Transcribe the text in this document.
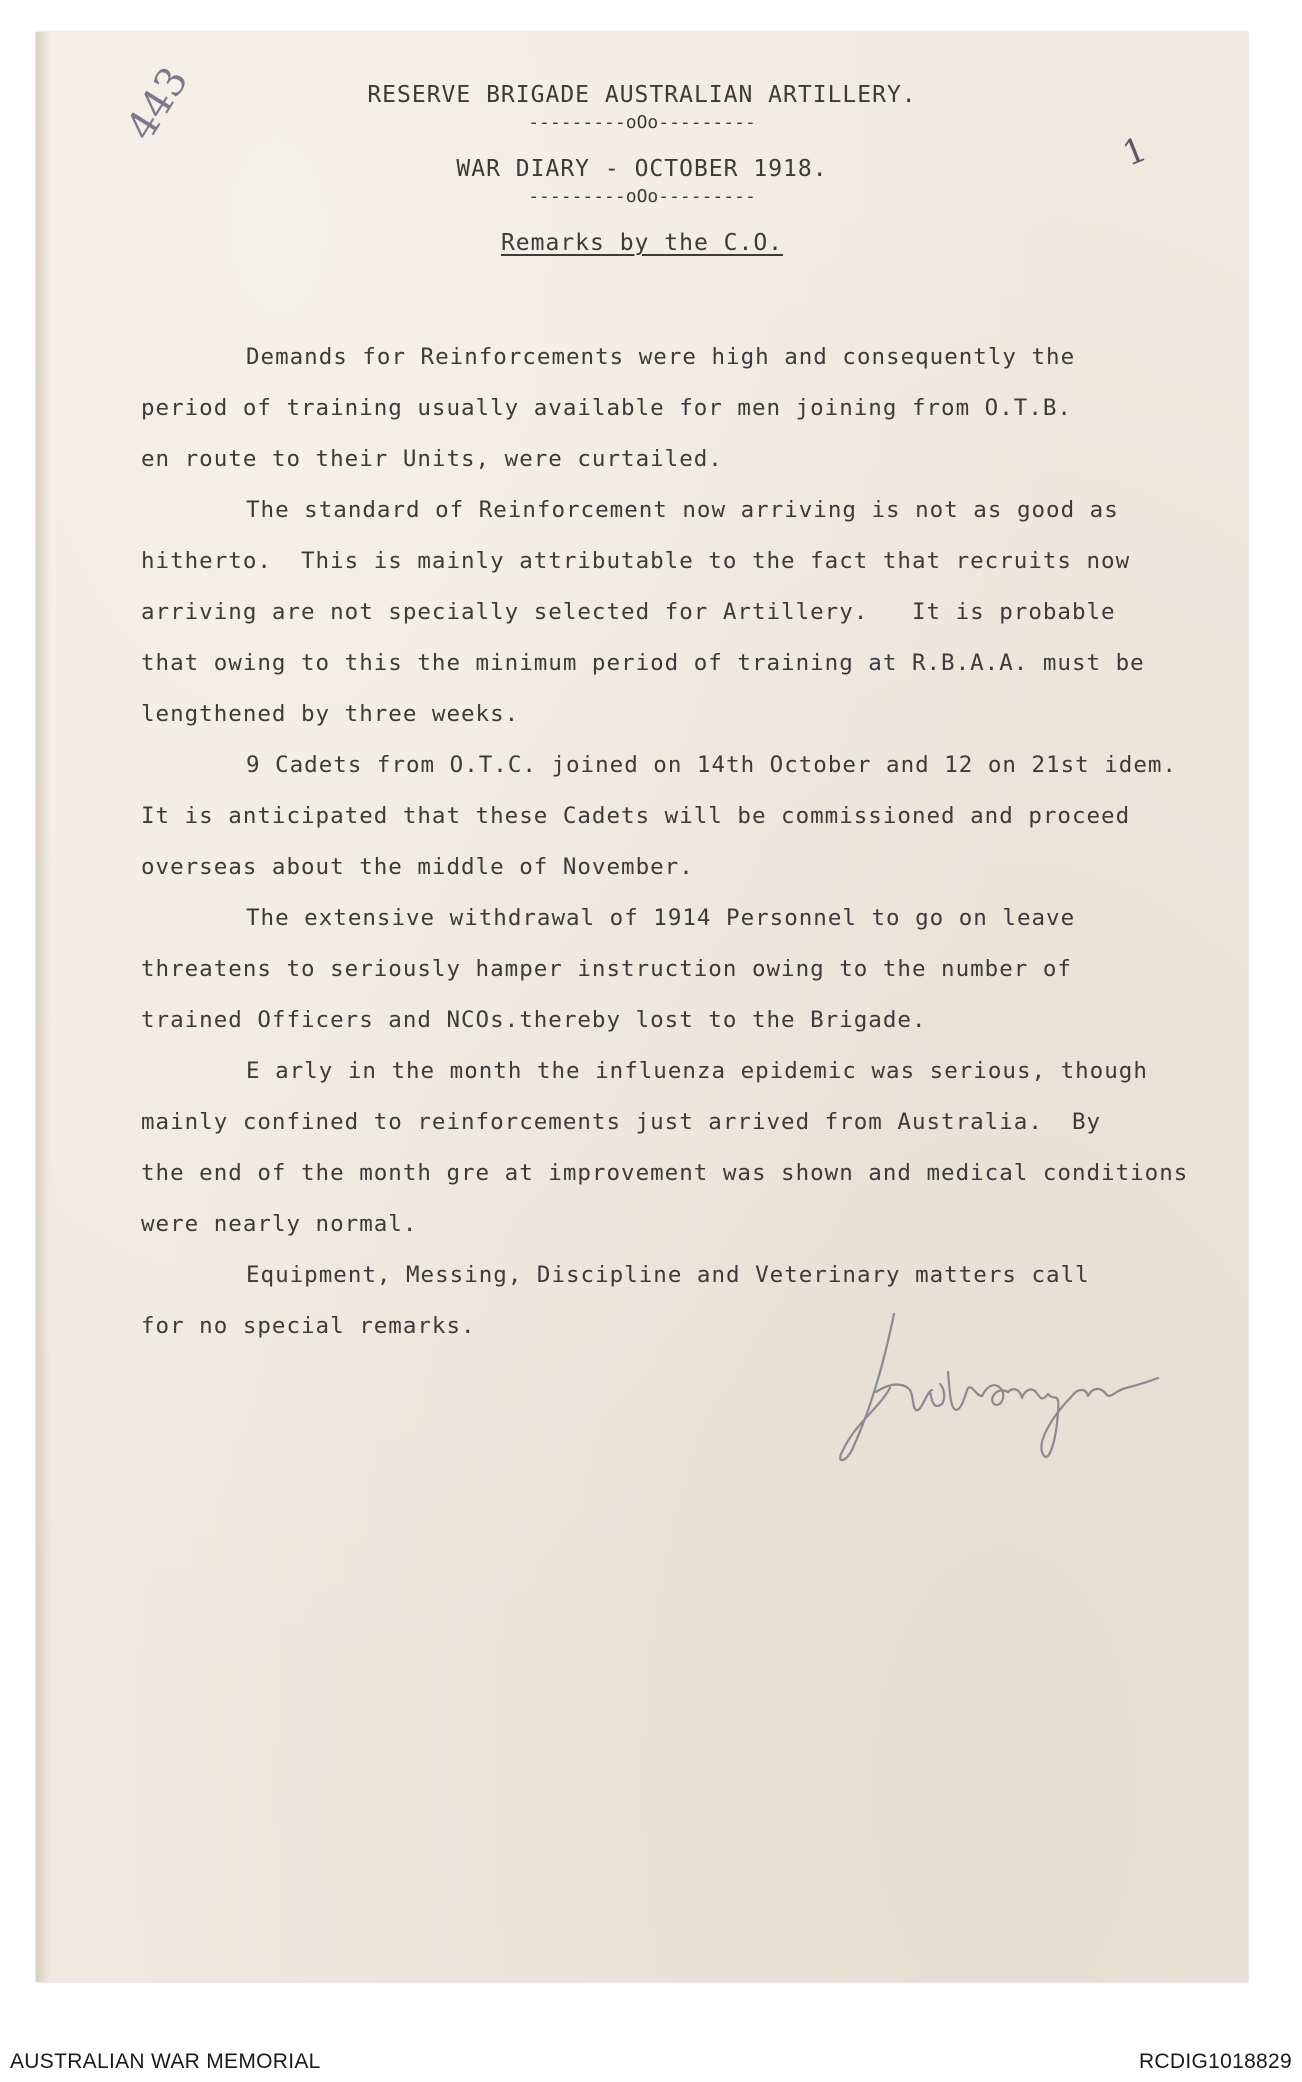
443
1
RESERVE BRIGADE AUSTRALIAN ARTILLERY.
---------oOo---------
WAR DIARY - OCTOBER 1918.
---------oOo---------
Remarks by the C.O.
Demands for Reinforcements were high and consequently the
period of training usually available for men joining from O.T.B.
en route to their Units, were curtailed.
The standard of Reinforcement now arriving is not as good as
hitherto.  This is mainly attributable to the fact that recruits now
arriving are not specially selected for Artillery.   It is probable
that owing to this the minimum period of training at R.B.A.A. must be
lengthened by three weeks.
9 Cadets from O.T.C. joined on 14th October and 12 on 21st idem.
It is anticipated that these Cadets will be commissioned and proceed
overseas about the middle of November.
The extensive withdrawal of 1914 Personnel to go on leave
threatens to seriously hamper instruction owing to the number of
trained Officers and NCOs.thereby lost to the Brigade.
E arly in the month the influenza epidemic was serious, though
mainly confined to reinforcements just arrived from Australia.  By
the end of the month gre at improvement was shown and medical conditions
were nearly normal.
Equipment, Messing, Discipline and Veterinary matters call
for no special remarks.
AUSTRALIAN WAR MEMORIAL	RCDIG1018829
